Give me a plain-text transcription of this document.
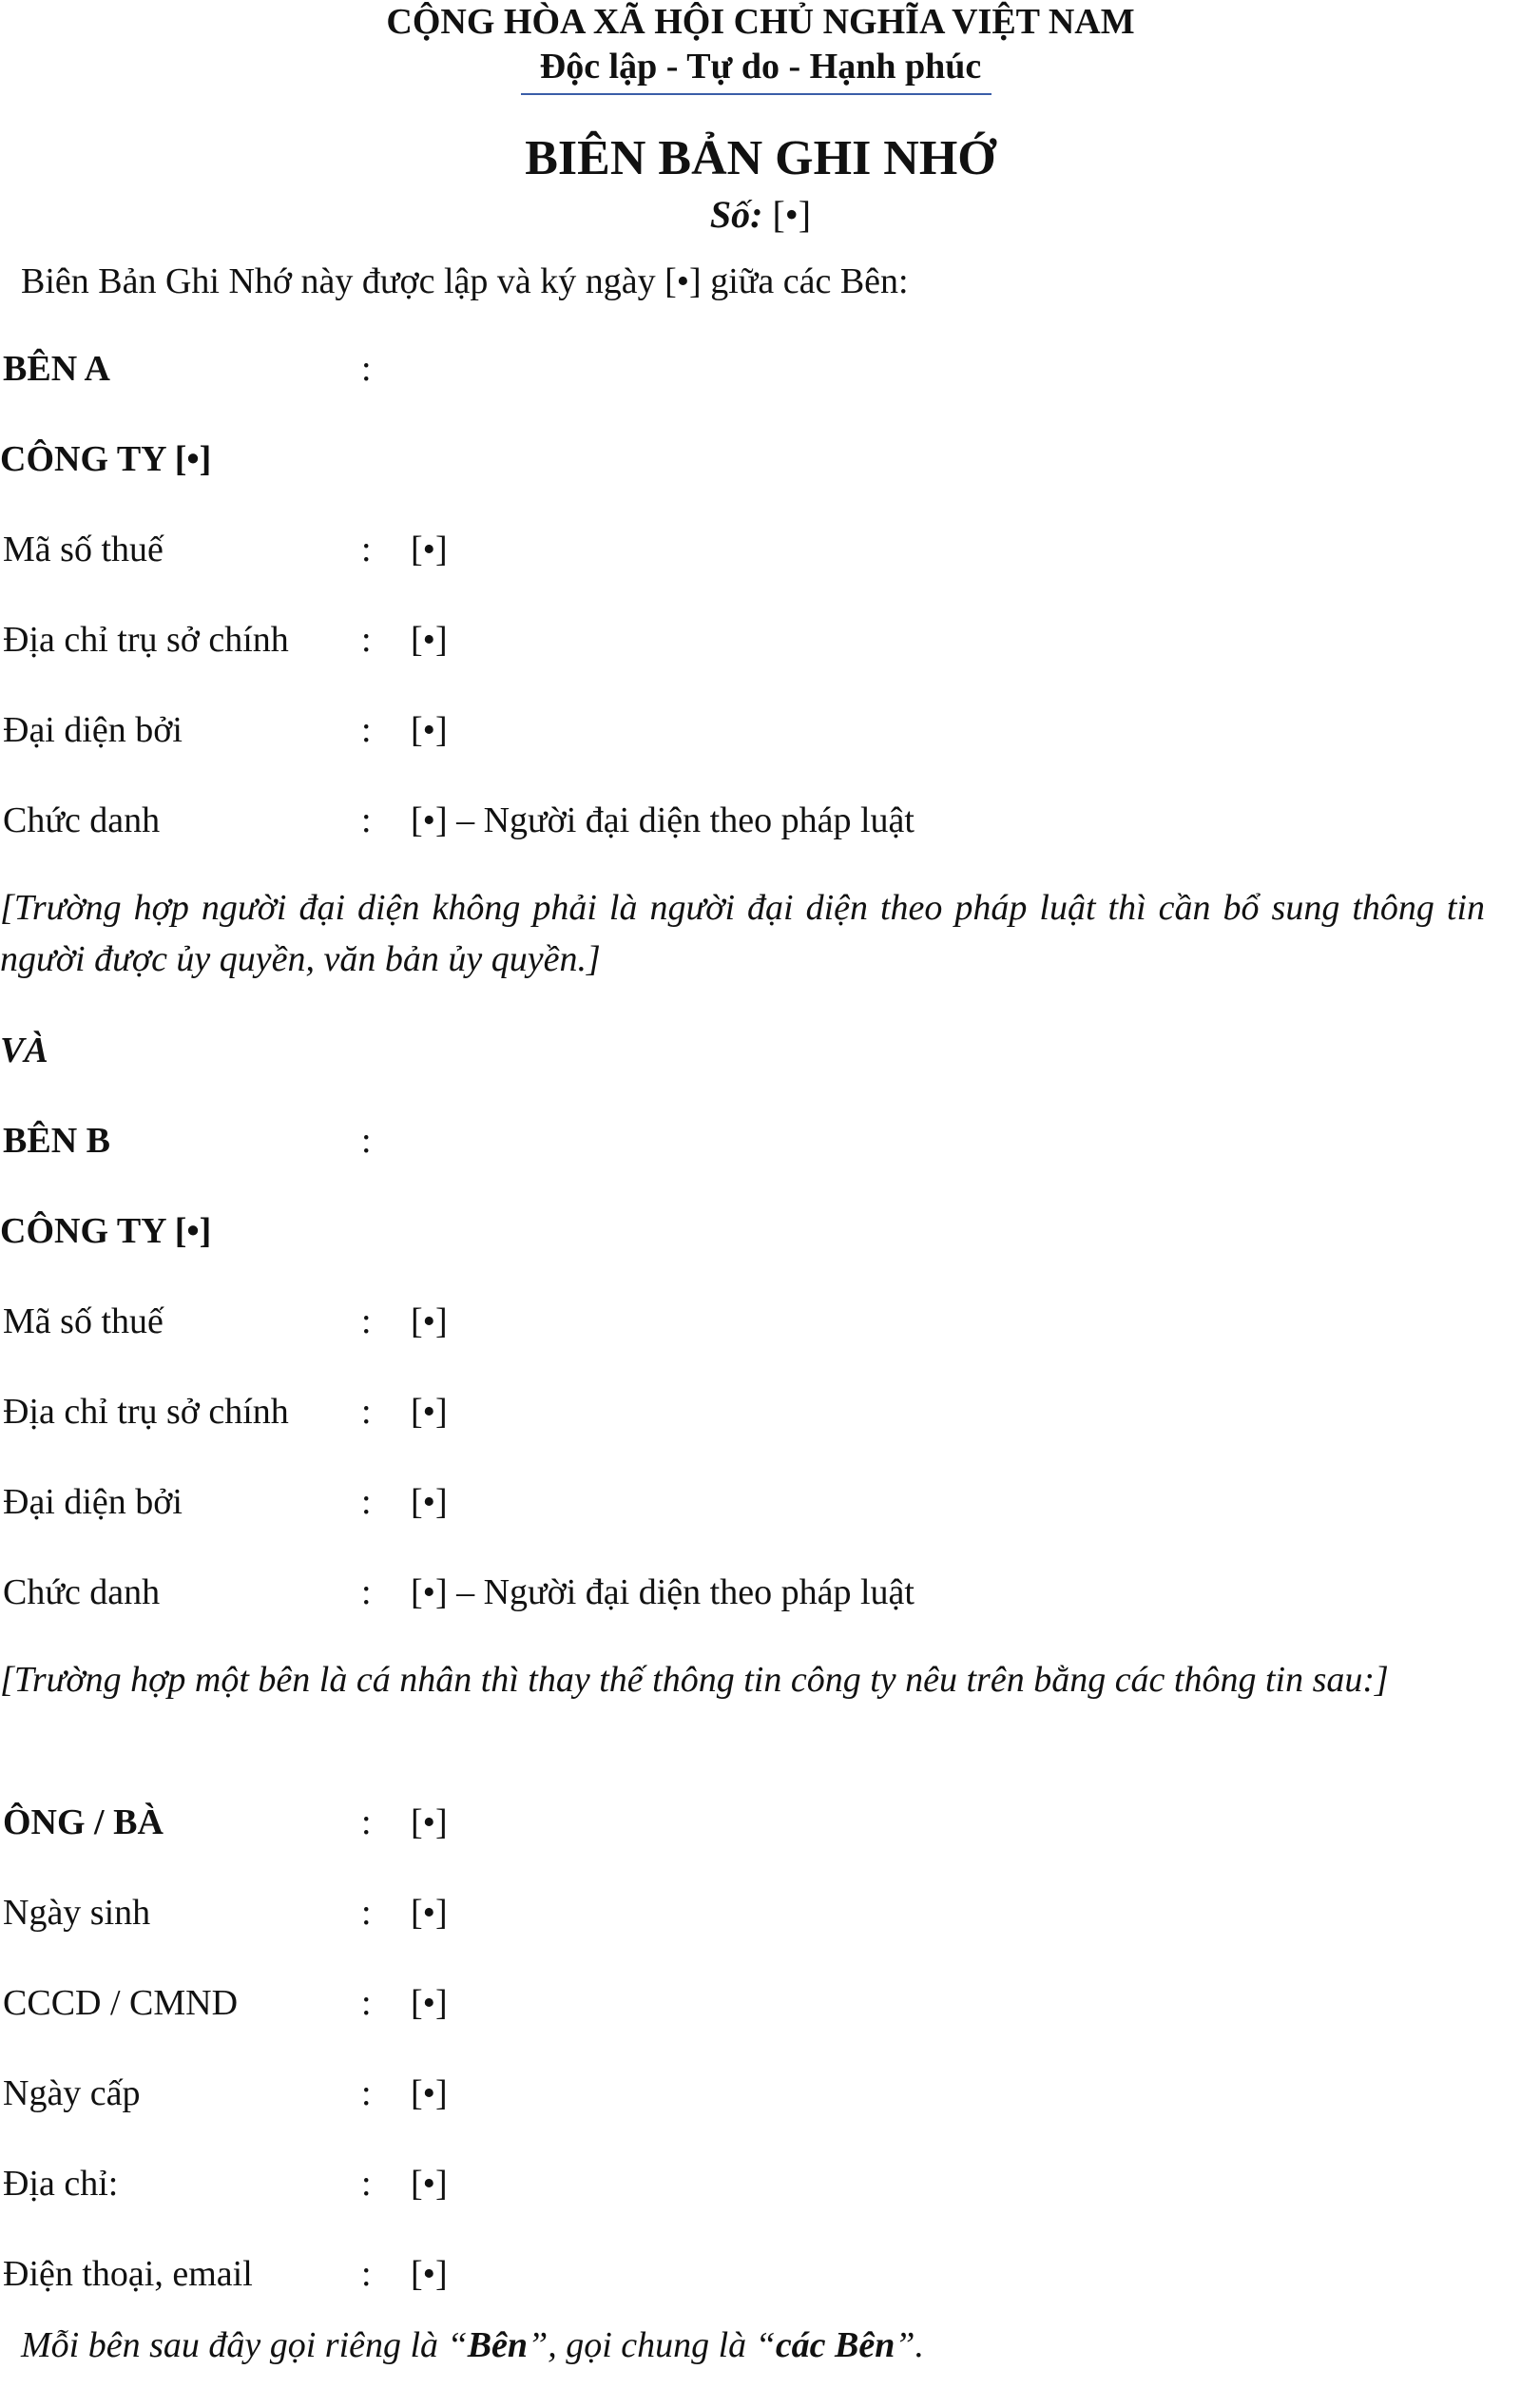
CỘNG HÒA XÃ HỘI CHỦ NGHĨA VIỆT NAM
Độc lập - Tự do - Hạnh phúc
BIÊN BẢN GHI NHỚ
Số: [•]
Biên Bản Ghi Nhớ này được lập và ký ngày [•] giữa các Bên:
BÊN A	:
CÔNG TY [•]
Mã số thuế	: [•]
Địa chỉ trụ sở chính : [•]
Đại diện bởi	: [•]
Chức danh	: [•] – Người đại diện theo pháp luật
[Trường hợp người đại diện không phải là người đại diện theo pháp luật thì cần bổ sung thông tin người được ủy quyền, văn bản ủy quyền.]
VÀ
BÊN B	:
CÔNG TY [•]
Mã số thuế	: [•]
Địa chỉ trụ sở chính : [•]
Đại diện bởi	: [•]
Chức danh	: [•] – Người đại diện theo pháp luật
[Trường hợp một bên là cá nhân thì thay thế thông tin công ty nêu trên bằng các thông tin sau:]
ÔNG / BÀ	: [•]
Ngày sinh	: [•]
CCCD / CMND	: [•]
Ngày cấp	: [•]
Địa chỉ:	: [•]
Điện thoại, email	: [•]
Mỗi bên sau đây gọi riêng là “Bên”, gọi chung là “các Bên”.
